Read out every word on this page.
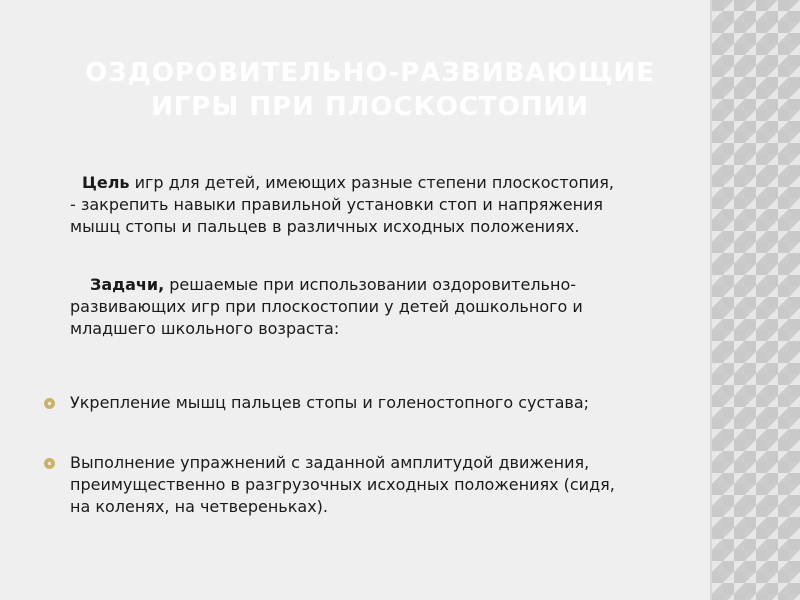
ОЗДОРОВИТЕЛЬНО-РАЗВИВАЮЩИЕ
ИГРЫ ПРИ ПЛОСКОСТОПИИ

Цель игр для детей, имеющих разные степени плоскостопия,
- закрепить навыки правильной установки стоп и напряжения
мышц стопы и пальцев в различных исходных положениях.

Задачи, решаемые при использовании оздоровительно-
развивающих игр при плоскостопии у детей дошкольного и
младшего школьного возраста:

Укрепление мышц пальцев стопы и голеностопного сустава;
Выполнение упражнений с заданной амплитудой движения,
преимущественно в разгрузочных исходных положениях (сидя,
на коленях, на четвереньках).
